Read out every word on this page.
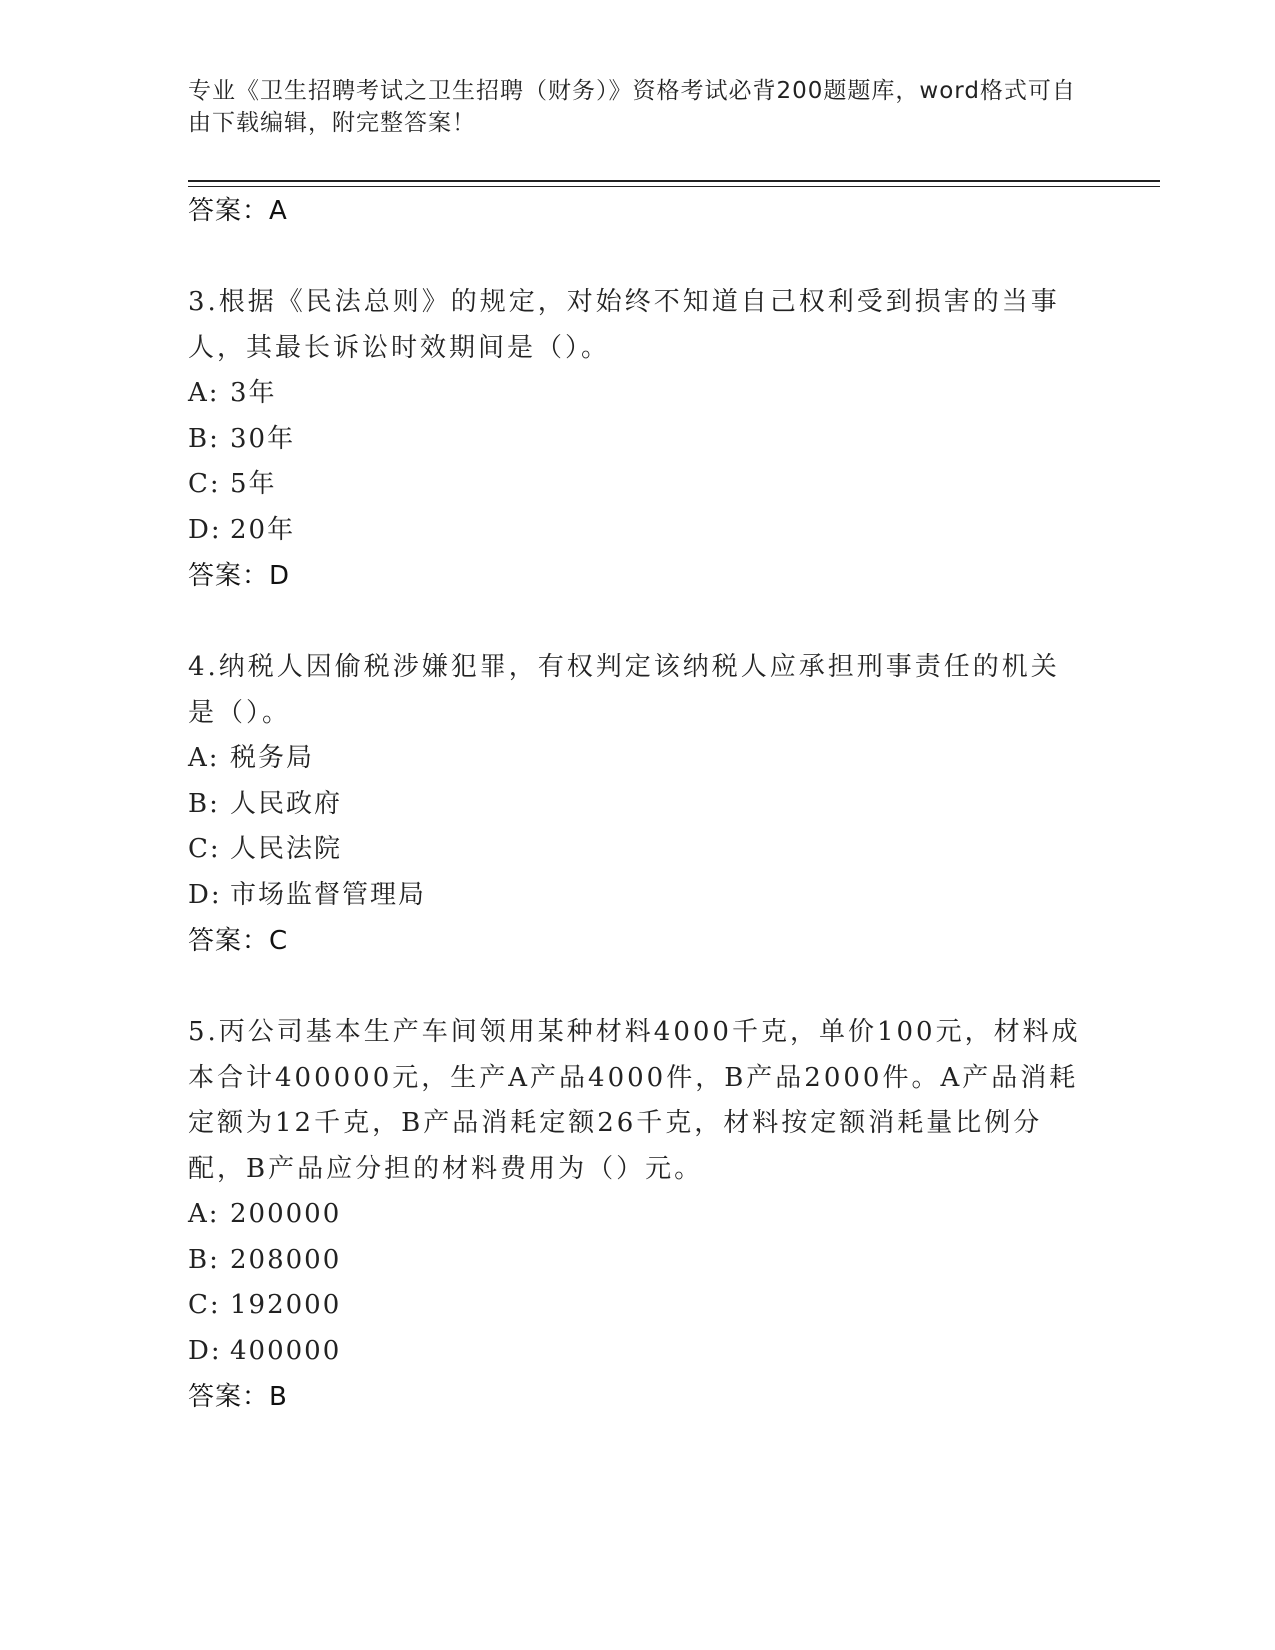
专业《卫生招聘考试之卫生招聘（财务）》资格考试必背200题题库，word格式可自由下载编辑，附完整答案！
答案：A

3.根据《民法总则》的规定，对始终不知道自己权利受到损害的当事人，其最长诉讼时效期间是（）。

A: 3年
B: 30年
C: 5年
D: 20年
答案：D

4.纳税人因偷税涉嫌犯罪，有权判定该纳税人应承担刑事责任的机关是（）。

A: 税务局
B: 人民政府
C: 人民法院
D: 市场监督管理局
答案：C

5.丙公司基本生产车间领用某种材料4000千克，单价100元，材料成本合计400000元，生产A产品4000件，B产品2000件。A产品消耗定额为12千克，B产品消耗定额26千克，材料按定额消耗量比例分配，B产品应分担的材料费用为（）元。

A: 200000
B: 208000
C: 192000
D: 400000
答案：B
